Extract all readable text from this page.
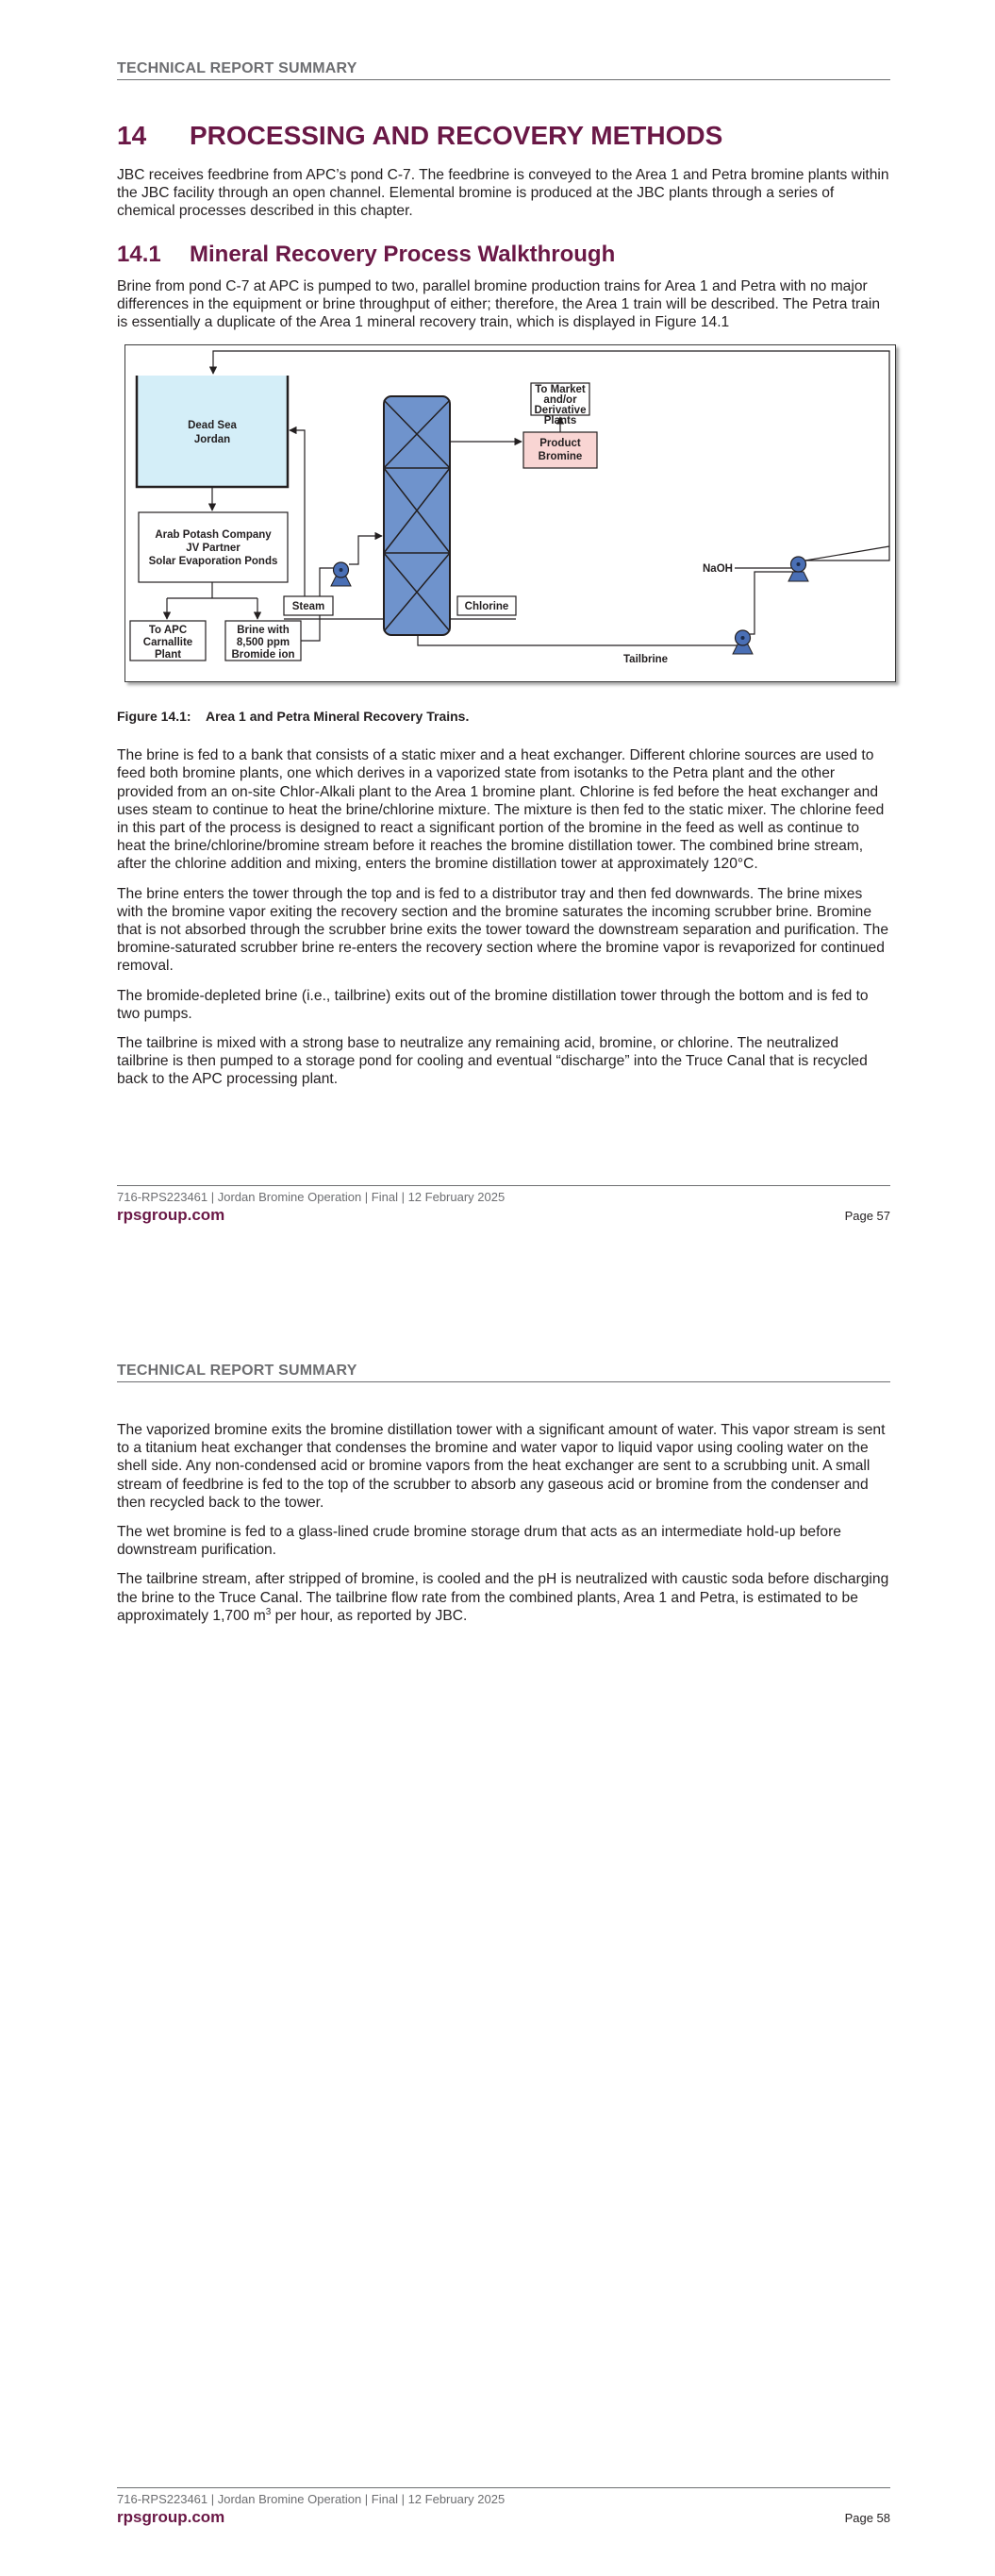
TECHNICAL REPORT SUMMARY
14	PROCESSING AND RECOVERY METHODS

JBC receives feedbrine from APC’s pond C-7. The feedbrine is conveyed to the Area 1 and Petra bromine plants within the JBC facility through an open channel. Elemental bromine is produced at the JBC plants through a series of chemical processes described in this chapter.

14.1	Mineral Recovery Process Walkthrough

Brine from pond C-7 at APC is pumped to two, parallel bromine production trains for Area 1 and Petra with no major differences in the equipment or brine throughput of either; therefore, the Area 1 train will be described. The Petra train is essentially a duplicate of the Area 1 mineral recovery train, which is displayed in Figure 14.1

Dead Sea
Jordan
Arab Potash Company
JV Partner
Solar Evaporation Ponds
To APC
Carnallite
Plant
Brine with
8,500 ppm
Bromide ion
Steam	Chlorine
Product
Bromine
To Market
and/or
Derivative
Plants
Tailbrine
NaOH
Figure 14.1: Area 1 and Petra Mineral Recovery Trains.

The brine is fed to a bank that consists of a static mixer and a heat exchanger. Different chlorine sources are used to feed both bromine plants, one which derives in a vaporized state from isotanks to the Petra plant and the other provided from an on-site Chlor-Alkali plant to the Area 1 bromine plant. Chlorine is fed before the heat exchanger and uses steam to continue to heat the brine/chlorine mixture. The mixture is then fed to the static mixer. The chlorine feed in this part of the process is designed to react a significant portion of the bromine in the feed as well as continue to heat the brine/chlorine/bromine stream before it reaches the bromine distillation tower. The combined brine stream, after the chlorine addition and mixing, enters the bromine distillation tower at approximately 120°C.

The brine enters the tower through the top and is fed to a distributor tray and then fed downwards. The brine mixes with the bromine vapor exiting the recovery section and the bromine saturates the incoming scrubber brine. Bromine that is not absorbed through the scrubber brine exits the tower toward the downstream separation and purification. The bromine-saturated scrubber brine re-enters the recovery section where the bromine vapor is revaporized for continued removal.

The bromide-depleted brine (i.e., tailbrine) exits out of the bromine distillation tower through the bottom and is fed to two pumps.

The tailbrine is mixed with a strong base to neutralize any remaining acid, bromine, or chlorine. The neutralized tailbrine is then pumped to a storage pond for cooling and eventual “discharge” into the Truce Canal that is recycled back to the APC processing plant.

716-RPS223461 | Jordan Bromine Operation | Final | 12 February 2025
rpsgroup.com	Page 57
TECHNICAL REPORT SUMMARY

The vaporized bromine exits the bromine distillation tower with a significant amount of water. This vapor stream is sent to a titanium heat exchanger that condenses the bromine and water vapor to liquid vapor using cooling water on the shell side. Any non-condensed acid or bromine vapors from the heat exchanger are sent to a scrubbing unit. A small stream of feedbrine is fed to the top of the scrubber to absorb any gaseous acid or bromine from the condenser and then recycled back to the tower.

The wet bromine is fed to a glass-lined crude bromine storage drum that acts as an intermediate hold-up before downstream purification.

The tailbrine stream, after stripped of bromine, is cooled and the pH is neutralized with caustic soda before discharging the brine to the Truce Canal. The tailbrine flow rate from the combined plants, Area 1 and Petra, is estimated to be approximately 1,700 $m^3$ per hour, as reported by JBC.

716-RPS223461 | Jordan Bromine Operation | Final | 12 February 2025
rpsgroup.com	Page 58
